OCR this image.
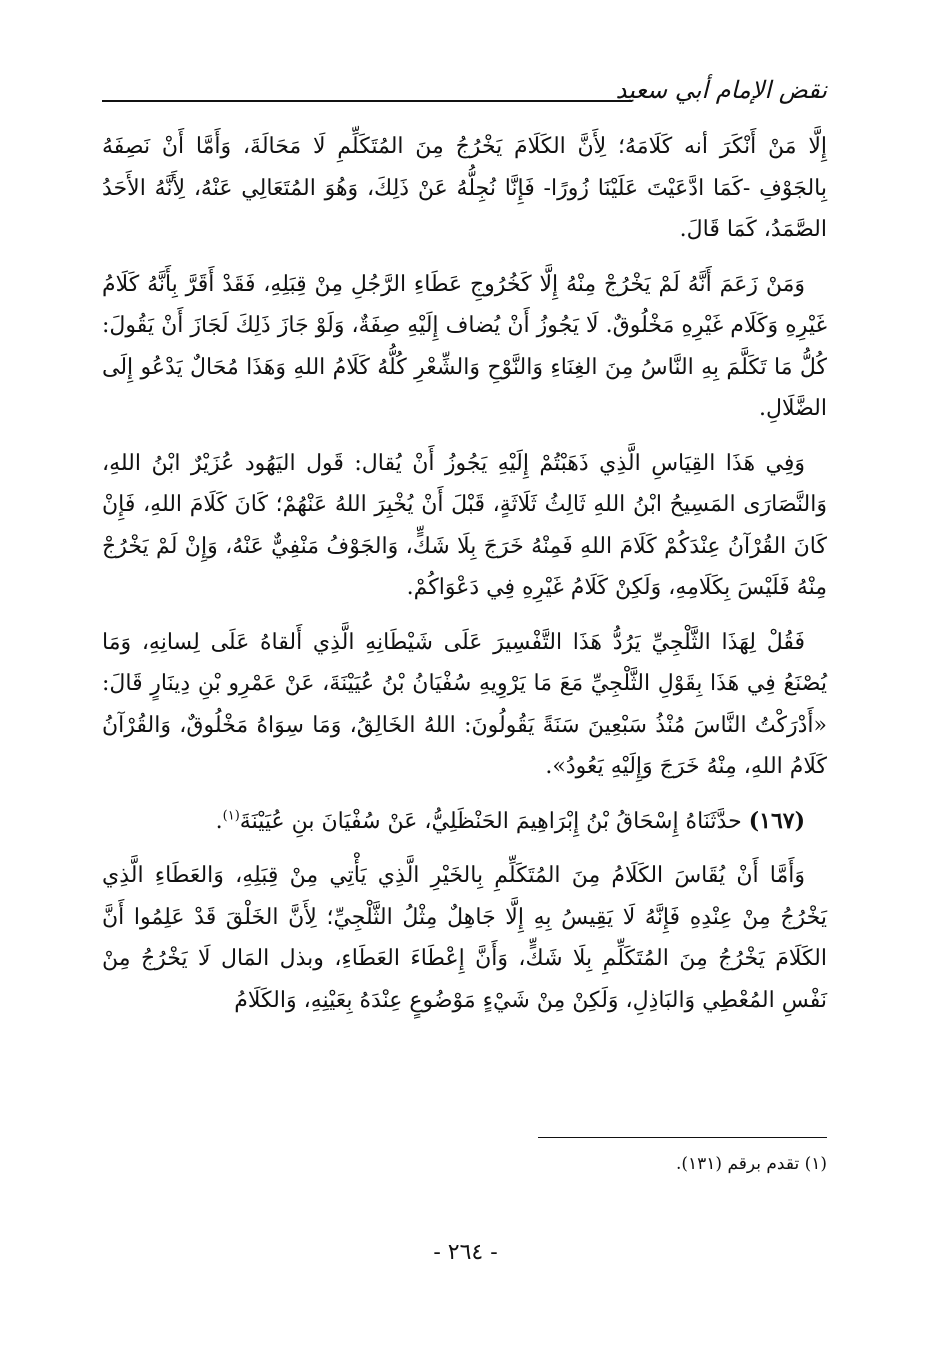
نقض الإمام أبي سعيد

إِلَّا مَنْ أَنْكَرَ أنه كَلَامَهُ؛ لِأَنَّ الكَلَامَ يَخْرُجُ مِنَ المُتَكَلِّمِ لَا مَحَالَةَ، وَأَمَّا أَنْ نَصِفَهُ بِالجَوْفِ -كَمَا ادَّعَيْتَ عَلَيْنَا زُورًا- فَإِنَّا نُجِلُّهُ عَنْ ذَلِكَ، وَهُوَ المُتَعَالِي عَنْهُ، لِأَنَّهُ الأَحَدُ الصَّمَدُ، كَمَا قَالَ.

وَمَنْ زَعَمَ أَنَّهُ لَمْ يَخْرُجْ مِنْهُ إِلَّا كَخُرُوجِ عَطَاءِ الرَّجُلِ مِنْ قِبَلِهِ، فَقَدْ أَقَرَّ بِأَنَّهُ كَلَامُ غَيْرِهِ وَكَلَام غَيْرِهِ مَخْلُوقٌ. لَا يَجُوزُ أَنْ يُضاف إِلَيْهِ صِفَةٌ، وَلَوْ جَازَ ذَلِكَ لَجَازَ أَنْ يَقُولَ: كُلُّ مَا تَكَلَّمَ بِهِ النَّاسُ مِنَ الغِنَاءِ وَالنَّوْحِ وَالشِّعْرِ كُلُّهُ كَلَامُ اللهِ وَهَذَا مُحَالٌ يَدْعُو إِلَى الضَّلَالِ.

وَفِي هَذَا القِيَاسِ الَّذِي ذَهَبْتُمْ إِلَيْهِ يَجُوزُ أَنْ يُقال: قَول اليَهُود عُزَيْرٌ ابْنُ اللهِ، وَالنَّصَارَى المَسِيحُ ابْنُ اللهِ ثَالِثُ ثَلَاثَةٍ، قَبْلَ أَنْ يُخْبِرَ اللهُ عَنْهُمْ؛ كَانَ كَلَامَ اللهِ، فَإِنْ كَانَ القُرْآنُ عِنْدَكُمْ كَلَامَ اللهِ فَمِنْهُ خَرَجَ بِلَا شَكٍّ، وَالجَوْفُ مَنْفِيٌّ عَنْهُ، وَإِنْ لَمْ يَخْرُجْ مِنْهُ فَلَيْسَ بِكَلَامِهِ، وَلَكِنْ كَلَامُ غَيْرِهِ فِي دَعْوَاكُمْ.

فَقُلْ لِهَذَا الثَّلْجِيِّ يَرُدُّ هَذَا التَّفْسِيرَ عَلَى شَيْطَانِهِ الَّذِي أَلقاهُ عَلَى لِسانِهِ، وَمَا يُصْنَعُ فِي هَذَا بِقَوْلِ الثَّلْجِيِّ مَعَ مَا يَرْوِيهِ سُفْيَانُ بْنُ عُيَيْنَةَ، عَنْ عَمْرِو بْنِ دِينَارٍ قَالَ: «أَدْرَكْتُ النَّاسَ مُنْذُ سَبْعِينَ سَنَةً يَقُولُونَ: اللهُ الخَالِقُ، وَمَا سِوَاهُ مَخْلُوقٌ، وَالقُرْآنُ كَلَامُ اللهِ، مِنْهُ خَرَجَ وَإِلَيْهِ يَعُودُ».

(١٦٧) حدَّثَنَاهُ إِسْحَاقُ بْنُ إِبْرَاهِيمَ الحَنْظَلِيُّ، عَنْ سُفْيَانَ بنِ عُيَيْنَةَ$^{(١)}$.

وَأَمَّا أَنْ يُقَاسَ الكَلَامُ مِنَ المُتَكَلِّمِ بِالخَيْرِ الَّذِي يَأْتِي مِنْ قِبَلِهِ، وَالعَطَاءِ الَّذِي يَخْرُجُ مِنْ عِنْدِهِ فَإِنَّهُ لَا يَقِيسُ بِهِ إِلَّا جَاهِلٌ مِثْلُ الثَّلْجِيِّ؛ لِأَنَّ الخَلْقَ قَدْ عَلِمُوا أَنَّ الكَلَامَ يَخْرُجُ مِنَ المُتَكَلِّمِ بِلَا شَكٍّ، وَأَنَّ إِعْطَاءَ العَطَاءِ، وبذل المَال لَا يَخْرُجُ مِنْ نَفْسِ المُعْطِي وَالبَاذِلِ، وَلَكِنْ مِنْ شَيْءٍ مَوْضُوعٍ عِنْدَهُ بِعَيْنِهِ، وَالكَلَامُ

(١) تقدم برقم (١٣١).
- ٢٦٤ -
